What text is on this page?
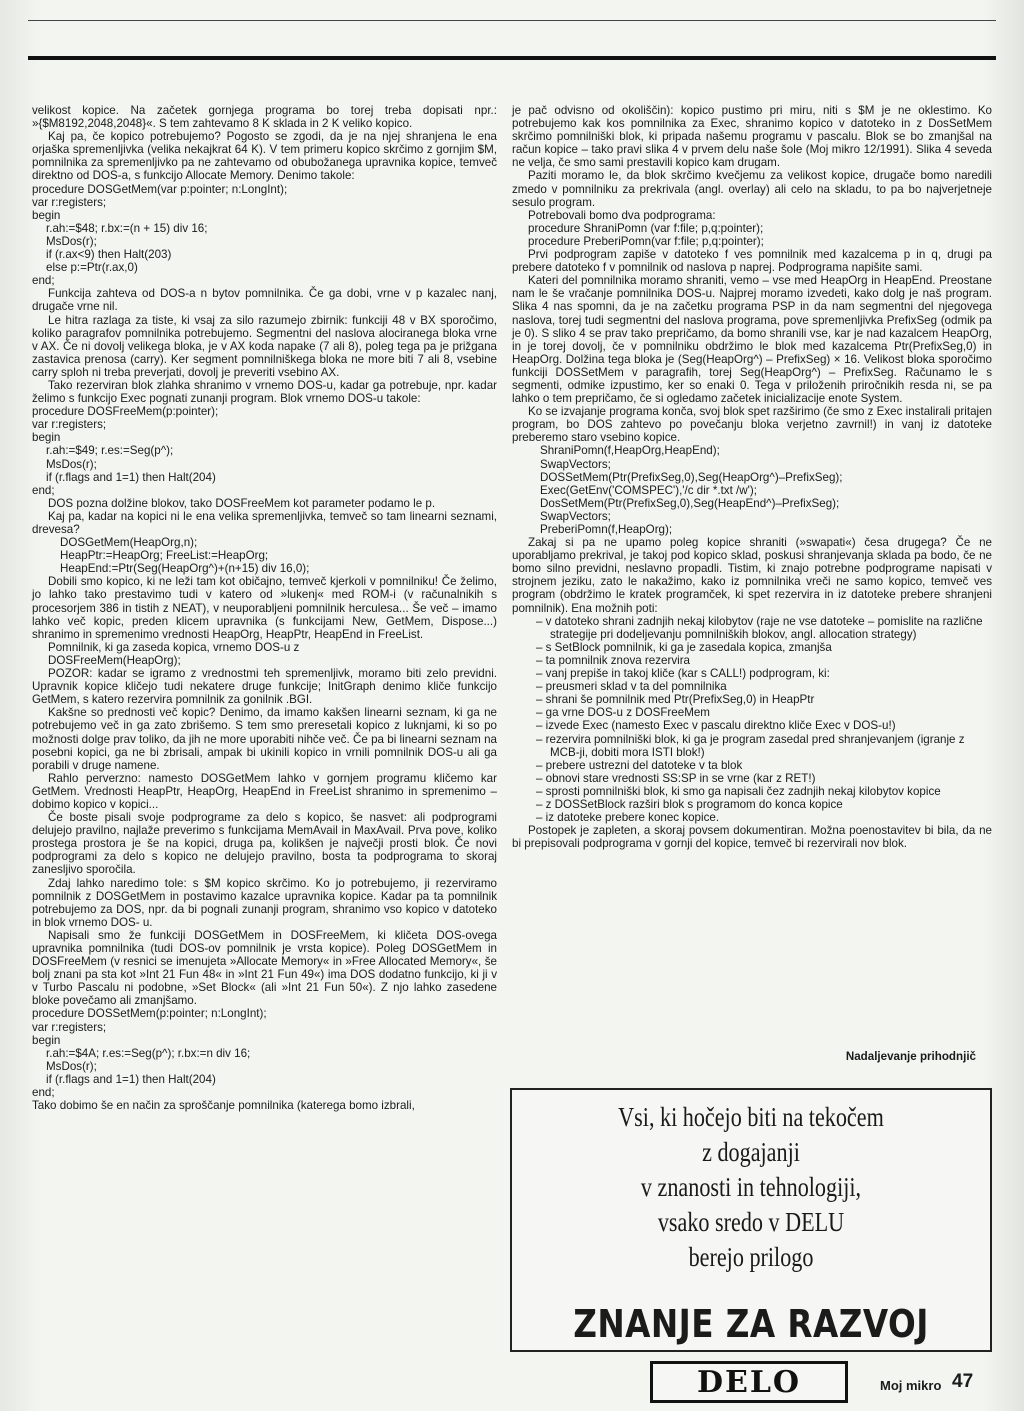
velikost kopice. Na začetek gornjega programa bo torej treba dopisati npr.: »{$M8192,2048,2048}«. S tem zahtevamo 8 K sklada in 2 K veliko kopico.

Kaj pa, če kopico potrebujemo? Pogosto se zgodi, da je na njej shranjena le ena orjaška spremenljivka (velika nekajkrat 64 K). V tem primeru kopico skrčimo z gornjim $M, pomnilnika za spremenljivko pa ne zahtevamo od obubožanega upravnika kopice, temveč direktno od DOS-a, s funkcijo Allocate Memory. Denimo takole:

procedure DOSGetMem(var p:pointer; n:LongInt);

var r:registers;

begin

r.ah:=$48; r.bx:=(n + 15) div 16;

MsDos(r);

if (r.ax<9) then Halt(203)

else p:=Ptr(r.ax,0)

end;

Funkcija zahteva od DOS-a n bytov pomnilnika. Če ga dobi, vrne v p kazalec nanj, drugače vrne nil.

Le hitra razlaga za tiste, ki vsaj za silo razumejo zbirnik: funkciji 48 v BX sporočimo, koliko paragrafov pomnilnika potrebujemo. Segmentni del naslova alociranega bloka vrne v AX. Če ni dovolj velikega bloka, je v AX koda napake (7 ali 8), poleg tega pa je prižgana zastavica prenosa (carry). Ker segment pomnilniškega bloka ne more biti 7 ali 8, vsebine carry sploh ni treba preverjati, dovolj je preveriti vsebino AX.

Tako rezerviran blok zlahka shranimo v vrnemo DOS-u, kadar ga potrebuje, npr. kadar želimo s funkcijo Exec pognati zunanji program. Blok vrnemo DOS-u takole:

procedure DOSFreeMem(p:pointer);

var r:registers;

begin

r.ah:=$49; r.es:=Seg(p^);

MsDos(r);

if (r.flags and 1=1) then Halt(204)

end;

DOS pozna dolžine blokov, tako DOSFreeMem kot parameter podamo le p.

Kaj pa, kadar na kopici ni le ena velika spremenljivka, temveč so tam linearni seznami, drevesa?

DOSGetMem(HeapOrg,n);

HeapPtr:=HeapOrg; FreeList:=HeapOrg;

HeapEnd:=Ptr(Seg(HeapOrg^)+(n+15) div 16,0);

Dobili smo kopico, ki ne leži tam kot običajno, temveč kjerkoli v pomnilniku! Če želimo, jo lahko tako prestavimo tudi v katero od »lukenj« med ROM-i (v računalnikih s procesorjem 386 in tistih z NEAT), v neuporabljeni pomnilnik herculesa... Še več – imamo lahko več kopic, preden klicem upravnika (s funkcijami New, GetMem, Dispose...) shranimo in spremenimo vrednosti HeapOrg, HeapPtr, HeapEnd in FreeList.

Pomnilnik, ki ga zaseda kopica, vrnemo DOS-u z

DOSFreeMem(HeapOrg);

POZOR: kadar se igramo z vrednostmi teh spremenljivk, moramo biti zelo previdni. Upravnik kopice kličejo tudi nekatere druge funkcije; InitGraph denimo kliče funkcijo GetMem, s katero rezervira pomnilnik za gonilnik .BGI.

Kakšne so prednosti več kopic? Denimo, da imamo kakšen linearni seznam, ki ga ne potrebujemo več in ga zato zbrišemo. S tem smo preresetali kopico z luknjami, ki so po možnosti dolge prav toliko, da jih ne more uporabiti nihče več. Če pa bi linearni seznam na posebni kopici, ga ne bi zbrisali, ampak bi ukinili kopico in vrnili pomnilnik DOS-u ali ga porabili v druge namene.

Rahlo perverzno: namesto DOSGetMem lahko v gornjem programu kličemo kar GetMem. Vrednosti HeapPtr, HeapOrg, HeapEnd in FreeList shranimo in spremenimo – dobimo kopico v kopici...

Če boste pisali svoje podprograme za delo s kopico, še nasvet: ali podprogrami delujejo pravilno, najlaže preverimo s funkcijama MemAvail in MaxAvail. Prva pove, koliko prostega prostora je še na kopici, druga pa, kolikšen je največji prosti blok. Če novi podprogrami za delo s kopico ne delujejo pravilno, bosta ta podprograma to skoraj zanesljivo sporočila.

Zdaj lahko naredimo tole: s $M kopico skrčimo. Ko jo potrebujemo, ji rezerviramo pomnilnik z DOSGetMem in postavimo kazalce upravnika kopice. Kadar pa ta pomnilnik potrebujemo za DOS, npr. da bi pognali zunanji program, shranimo vso kopico v datoteko in blok vrnemo DOS- u.

Napisali smo že funkciji DOSGetMem in DOSFreeMem, ki kličeta DOS-ovega upravnika pomnilnika (tudi DOS-ov pomnilnik je vrsta kopice). Poleg DOSGetMem in DOSFreeMem (v resnici se imenujeta »Allocate Memory« in »Free Allocated Memory«, še bolj znani pa sta kot »Int 21 Fun 48« in »Int 21 Fun 49«) ima DOS dodatno funkcijo, ki ji v v Turbo Pascalu ni podobne, »Set Block« (ali »Int 21 Fun 50«). Z njo lahko zasedene bloke povečamo ali zmanjšamo.

procedure DOSSetMem(p:pointer; n:LongInt);

var r:registers;

begin

r.ah:=$4A; r.es:=Seg(p^); r.bx:=n div 16;

MsDos(r);

if (r.flags and 1=1) then Halt(204)

end;

Tako dobimo še en način za sproščanje pomnilnika (katerega bomo izbrali,

je pač odvisno od okoliščin): kopico pustimo pri miru, niti s $M je ne oklestimo. Ko potrebujemo kak kos pomnilnika za Exec, shranimo kopico v datoteko in z DosSetMem skrčimo pomnilniški blok, ki pripada našemu programu v pascalu. Blok se bo zmanjšal na račun kopice – tako pravi slika 4 v prvem delu naše šole (Moj mikro 12/1991). Slika 4 seveda ne velja, če smo sami prestavili kopico kam drugam.

Paziti moramo le, da blok skrčimo kvečjemu za velikost kopice, drugače bomo naredili zmedo v pomnilniku za prekrivala (angl. overlay) ali celo na skladu, to pa bo najverjetneje sesulo program.

Potrebovali bomo dva podprograma:

procedure ShraniPomn (var f:file; p,q:pointer);

procedure PreberiPomn(var f:file; p,q:pointer);

Prvi podprogram zapiše v datoteko f ves pomnilnik med kazalcema p in q, drugi pa prebere datoteko f v pomnilnik od naslova p naprej. Podprograma napišite sami.

Kateri del pomnilnika moramo shraniti, vemo – vse med HeapOrg in HeapEnd. Preostane nam le še vračanje pomnilnika DOS-u. Najprej moramo izvedeti, kako dolg je naš program. Slika 4 nas spomni, da je na začetku programa PSP in da nam segmentni del njegovega naslova, torej tudi segmentni del naslova programa, pove spremenljivka PrefixSeg (odmik pa je 0). S sliko 4 se prav tako prepričamo, da bomo shranili vse, kar je nad kazalcem HeapOrg, in je torej dovolj, če v pomnilniku obdržimo le blok med kazalcema Ptr(PrefixSeg,0) in HeapOrg. Dolžina tega bloka je (Seg(HeapOrg^) – PrefixSeg) × 16. Velikost bloka sporočimo funkciji DOSSetMem v paragrafih, torej Seg(HeapOrg^) – PrefixSeg. Računamo le s segmenti, odmike izpustimo, ker so enaki 0. Tega v priloženih priročnikih resda ni, se pa lahko o tem prepričamo, če si ogledamo začetek inicializacije enote System.

Ko se izvajanje programa konča, svoj blok spet razširimo (če smo z Exec instalirali pritajen program, bo DOS zahtevo po povečanju bloka verjetno zavrnil!) in vanj iz datoteke preberemo staro vsebino kopice.

ShraniPomn(f,HeapOrg,HeapEnd);

SwapVectors;

DOSSetMem(Ptr(PrefixSeg,0),Seg(HeapOrg^)–PrefixSeg);

Exec(GetEnv('COMSPEC'),'/c dir *.txt /w');

DosSetMem(Ptr(PrefixSeg,0),Seg(HeapEnd^)–PrefixSeg);

SwapVectors;

PreberiPomn(f,HeapOrg);

Zakaj si pa ne upamo poleg kopice shraniti (»swapati«) česa drugega? Če ne uporabljamo prekrival, je takoj pod kopico sklad, poskusi shranjevanja sklada pa bodo, če ne bomo silno previdni, neslavno propadli. Tistim, ki znajo potrebne podprograme napisati v strojnem jeziku, zato le nakažimo, kako iz pomnilnika vreči ne samo kopico, temveč ves program (obdržimo le kratek programček, ki spet rezervira in iz datoteke prebere shranjeni pomnilnik). Ena možnih poti:

– v datoteko shrani zadnjih nekaj kilobytov (raje ne vse datoteke – pomislite na različne strategije pri dodeljevanju pomnilniških blokov, angl. allocation strategy)

– s SetBlock pomnilnik, ki ga je zasedala kopica, zmanjša

– ta pomnilnik znova rezervira

– vanj prepiše in takoj kliče (kar s CALL!) podprogram, ki:

– preusmeri sklad v ta del pomnilnika

– shrani še pomnilnik med Ptr(PrefixSeg,0) in HeapPtr

– ga vrne DOS-u z DOSFreeMem

– izvede Exec (namesto Exec v pascalu direktno kliče Exec v DOS-u!)

– rezervira pomnilniški blok, ki ga je program zasedal pred shranjevanjem (igranje z MCB-ji, dobiti mora ISTI blok!)

– prebere ustrezni del datoteke v ta blok

– obnovi stare vrednosti SS:SP in se vrne (kar z RET!)

– sprosti pomnilniški blok, ki smo ga napisali čez zadnjih nekaj kilobytov kopice

– z DOSSetBlock razširi blok s programom do konca kopice

– iz datoteke prebere konec kopice.

Postopek je zapleten, a skoraj povsem dokumentiran. Možna poenostavitev bi bila, da ne bi prepisovali podprograma v gornji del kopice, temveč bi rezervirali nov blok.

Nadaljevanje prihodnjič
Vsi, ki hočejo biti na tekočem
z dogajanji
v znanosti in tehnologiji,
vsako sredo v DELU
berejo prilogo
ZNANJE ZA RAZVOJ
DELO	Moj mikro 47
